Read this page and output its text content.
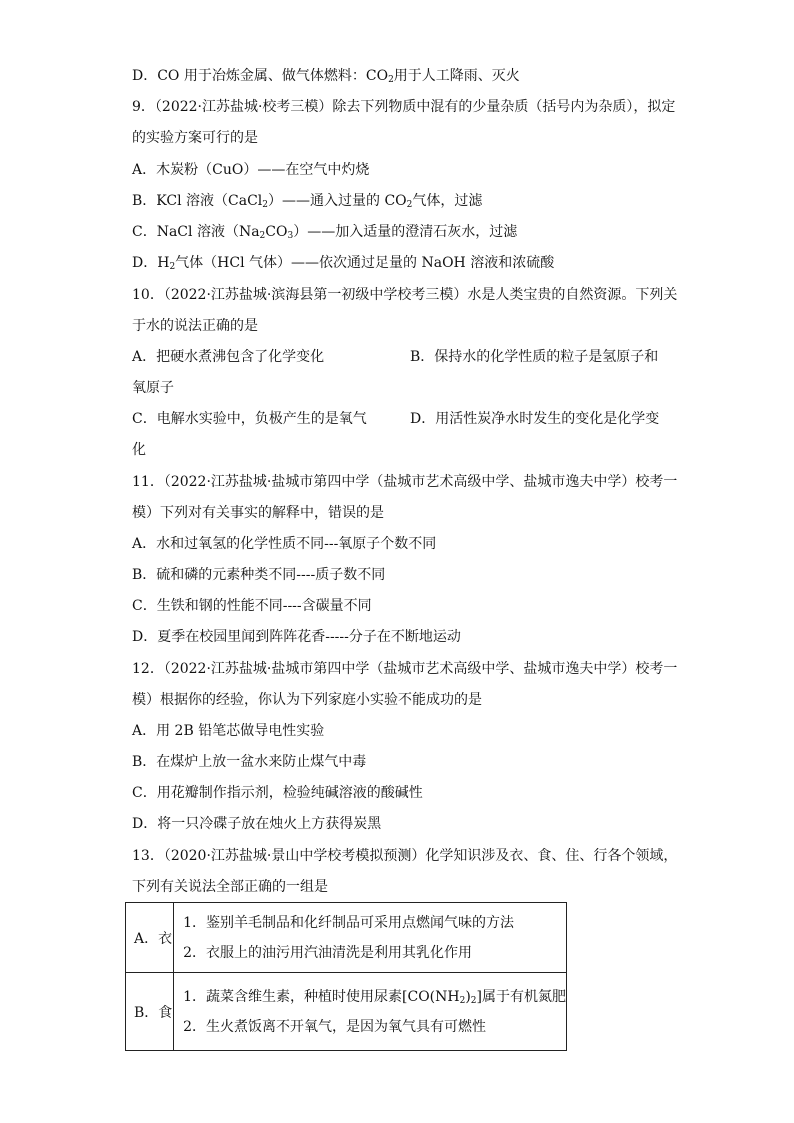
D．CO 用于冶炼金属、做气体燃料：$CO_2$用于人工降雨、灭火
9．（2022·江苏盐城·校考三模）除去下列物质中混有的少量杂质（括号内为杂质），拟定
的实验方案可行的是
A．木炭粉（CuO）——在空气中灼烧
B．KCl 溶液（CaCl$_2$）——通入过量的 $CO_2$气体，过滤
C．NaCl 溶液$(Na_2CO_3)——$加入适量的澄清石灰水，过滤
D．$H_2$气体（HCl 气体）——依次通过足量的 NaOH 溶液和浓硫酸
10．（2022·江苏盐城·滨海县第一初级中学校考三模）水是人类宝贵的自然资源。下列关
于水的说法正确的是
A．把硬水煮沸包含了化学变化	B．保持水的化学性质的粒子是氢原子和
氧原子
C．电解水实验中，负极产生的是氧气	D．用活性炭净水时发生的变化是化学变
化
11．（2022·江苏盐城·盐城市第四中学（盐城市艺术高级中学、盐城市逸夫中学）校考一
模）下列对有关事实的解释中，错误的是
A．水和过氧氢的化学性质不同---氧原子个数不同
B．硫和磷的元素种类不同----质子数不同
C．生铁和钢的性能不同----含碳量不同
D．夏季在校园里闻到阵阵花香-----分子在不断地运动
12．（2022·江苏盐城·盐城市第四中学（盐城市艺术高级中学、盐城市逸夫中学）校考一
模）根据你的经验，你认为下列家庭小实验不能成功的是
A．用 2B 铅笔芯做导电性实验
B．在煤炉上放一盆水来防止煤气中毒
C．用花瓣制作指示剂，检验纯碱溶液的酸碱性
D．将一只冷碟子放在烛火上方获得炭黑
13．（2020·江苏盐城·景山中学校考模拟预测）化学知识涉及衣、食、住、行各个领域，
下列有关说法全部正确的一组是
A．衣	1．鉴别羊毛制品和化纤制品可采用点燃闻气味的方法
2．衣服上的油污用汽油清洗是利用其乳化作用

B．食	1．蔬菜含维生素，种植时使用尿素$[CO(NH_2)_2]$属于有机氮肥
2．生火煮饭离不开氧气，是因为氧气具有可燃性
